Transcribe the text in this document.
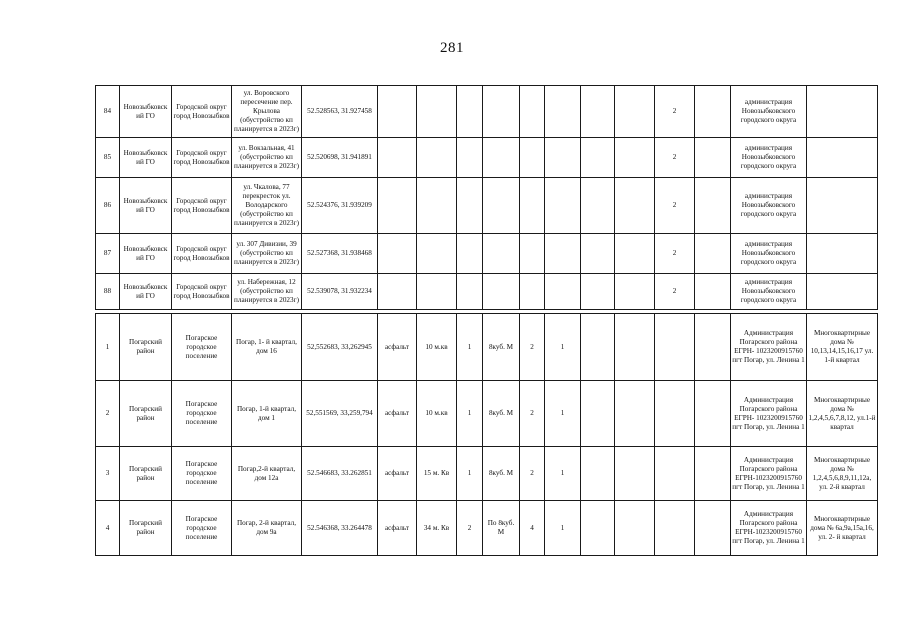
281
84	Новозыбковск ий ГО	Городской округ город Новозыбков	ул. Воровского пересечение пер. Крылова (обустройство кп планируется в 2023г)	52.528563, 31.927458									2		администрация Новозыбковского городского округа	
85	Новозыбковск ий ГО	Городской округ город Новозыбков	ул. Вокзальная, 41 (обустройство кп планируется в 2023г)	52.520698, 31.941891									2		администрация Новозыбковского городского округа	
86	Новозыбковск ий ГО	Городской округ город Новозыбков	ул. Чкалова, 77 перекресток ул. Володарского (обустройство кп планируется в 2023г)	52.524376, 31.939209									2		администрация Новозыбковского городского округа	
87	Новозыбковск ий ГО	Городской округ город Новозыбков	ул. 307 Дивизии, 39 (обустройство кп планируется в 2023г)	52.527368, 31.938468									2		администрация Новозыбковского городского округа	
88	Новозыбковск ий ГО	Городской округ город Новозыбков	ул. Набережная, 12 (обустройство кп планируется в 2023г)	52.539078, 31.932234									2		администрация Новозыбковского городского округа	
1	Погарский район	Погарское городское поселение	Погар, 1- й квартал, дом 16	52,552683, 33,262945	асфальт	10 м.кв	1	8куб. М	2	1					Администрация Погарского района ЕГРН- 1023200915760 пгт Погар, ул. Ленина 1	Многоквартирные дома № 10,13,14,15,16,17 ул. 1-й квартал
2	Погарский район	Погарское городское поселение	Погар, 1-й квартал, дом 1	52,551569, 33,259,794	асфальт	10 м.кв	1	8куб. М	2	1					Администрация Погарского района ЕГРН- 1023200915760 пгт Погар, ул. Ленина 1	Многоквартирные дома № 1,2,4,5,6,7,8,12, ул.1-й квартал
3	Погарский район	Погарское городское поселение	Погар,2-й квартал, дом 12а	52.546683, 33.262851	асфальт	15 м. Кв	1	8куб. М	2	1					Администрация Погарского района ЕГРН-1023200915760 пгт Погар, ул. Ленина 1	Многоквартирные дома № 1,2,4,5,6,8,9,11,12а, ул. 2-й квартал
4	Погарский район	Погарское городское поселение	Погар, 2-й квартал, дом 9а	52.546368, 33.264478	асфальт	34 м. Кв	2	По 8куб. М	4	1					Администрация Погарского района ЕГРН-1023200915760 пгт Погар, ул. Ленина 1	Многоквартирные дома № 6а,9а,15а,16, ул. 2- й квартал
